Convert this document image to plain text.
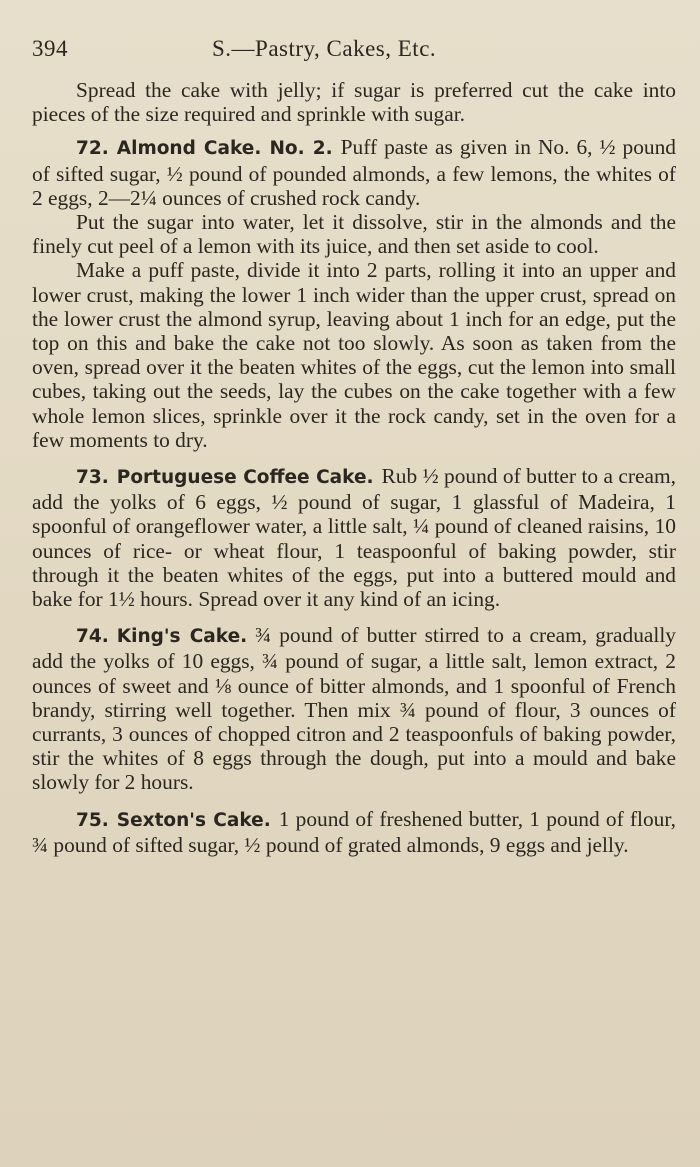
394	S.—Pastry, Cakes, Etc.

Spread the cake with jelly; if sugar is preferred cut the cake into pieces of the size required and sprinkle with sugar.

72. Almond Cake. No. 2. Puff paste as given in No. 6, ½ pound of sifted sugar, ½ pound of pounded almonds, a few lemons, the whites of 2 eggs, 2—2¼ ounces of crushed rock candy.

Put the sugar into water, let it dissolve, stir in the almonds and the finely cut peel of a lemon with its juice, and then set aside to cool.

Make a puff paste, divide it into 2 parts, rolling it into an upper and lower crust, making the lower 1 inch wider than the upper crust, spread on the lower crust the almond syrup, leaving about 1 inch for an edge, put the top on this and bake the cake not too slowly. As soon as taken from the oven, spread over it the beaten whites of the eggs, cut the lemon into small cubes, taking out the seeds, lay the cubes on the cake together with a few whole lemon slices, sprinkle over it the rock candy, set in the oven for a few moments to dry.

73. Portuguese Coffee Cake. Rub ½ pound of butter to a cream, add the yolks of 6 eggs, ½ pound of sugar, 1 glassful of Madeira, 1 spoonful of orangeflower water, a little salt, ¼ pound of cleaned raisins, 10 ounces of rice- or wheat flour, 1 teaspoonful of baking powder, stir through it the beaten whites of the eggs, put into a buttered mould and bake for 1½ hours. Spread over it any kind of an icing.

74. King's Cake. ¾ pound of butter stirred to a cream, gradually add the yolks of 10 eggs, ¾ pound of sugar, a little salt, lemon extract, 2 ounces of sweet and ⅛ ounce of bitter almonds, and 1 spoonful of French brandy, stirring well together. Then mix ¾ pound of flour, 3 ounces of currants, 3 ounces of chopped citron and 2 teaspoonfuls of baking powder, stir the whites of 8 eggs through the dough, put into a mould and bake slowly for 2 hours.

75. Sexton's Cake. 1 pound of freshened butter, 1 pound of flour, ¾ pound of sifted sugar, ½ pound of grated almonds, 9 eggs and jelly.
